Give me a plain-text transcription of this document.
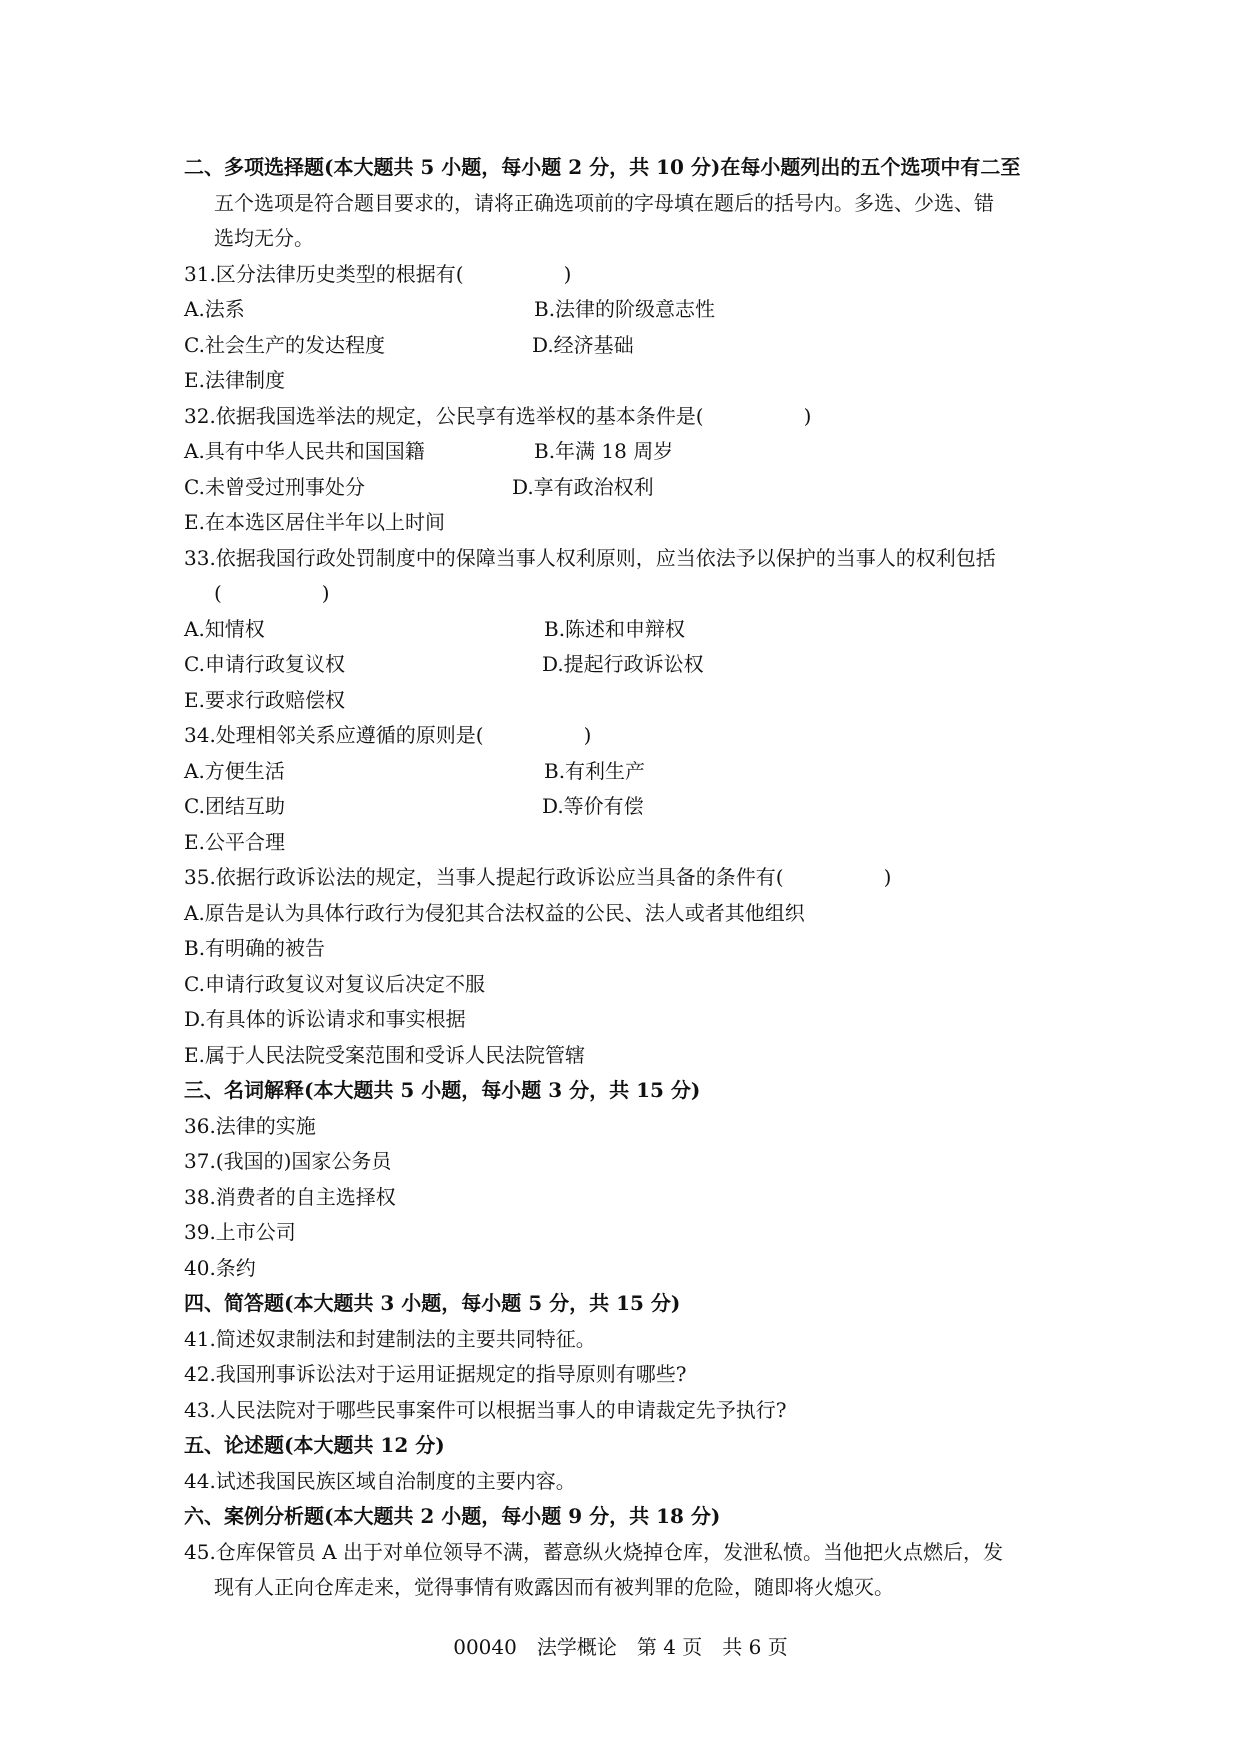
二、多项选择题(本大题共 5 小题，每小题 2 分，共 10 分)在每小题列出的五个选项中有二至
五个选项是符合题目要求的，请将正确选项前的字母填在题后的括号内。多选、少选、错
选均无分。
31.区分法律历史类型的根据有(　　　　　)
A.法系	B.法律的阶级意志性
C.社会生产的发达程度	D.经济基础
E.法律制度
32.依据我国选举法的规定，公民享有选举权的基本条件是(　　　　　)
A.具有中华人民共和国国籍	B.年满 18 周岁
C.未曾受过刑事处分	D.享有政治权利
E.在本选区居住半年以上时间
33.依据我国行政处罚制度中的保障当事人权利原则，应当依法予以保护的当事人的权利包括
(　　　　　)
A.知情权	B.陈述和申辩权
C.申请行政复议权	D.提起行政诉讼权
E.要求行政赔偿权
34.处理相邻关系应遵循的原则是(　　　　　)
A.方便生活	B.有利生产
C.团结互助	D.等价有偿
E.公平合理
35.依据行政诉讼法的规定，当事人提起行政诉讼应当具备的条件有(　　　　　)
A.原告是认为具体行政行为侵犯其合法权益的公民、法人或者其他组织
B.有明确的被告
C.申请行政复议对复议后决定不服
D.有具体的诉讼请求和事实根据
E.属于人民法院受案范围和受诉人民法院管辖
三、名词解释(本大题共 5 小题，每小题 3 分，共 15 分)
36.法律的实施
37.(我国的)国家公务员
38.消费者的自主选择权
39.上市公司
40.条约
四、简答题(本大题共 3 小题，每小题 5 分，共 15 分)
41.简述奴隶制法和封建制法的主要共同特征。
42.我国刑事诉讼法对于运用证据规定的指导原则有哪些?
43.人民法院对于哪些民事案件可以根据当事人的申请裁定先予执行?
五、论述题(本大题共 12 分)
44.试述我国民族区域自治制度的主要内容。
六、案例分析题(本大题共 2 小题，每小题 9 分，共 18 分)
45.仓库保管员 A 出于对单位领导不满，蓄意纵火烧掉仓库，发泄私愤。当他把火点燃后，发
现有人正向仓库走来，觉得事情有败露因而有被判罪的危险，随即将火熄灭。
00040　法学概论　第 4 页　共 6 页
